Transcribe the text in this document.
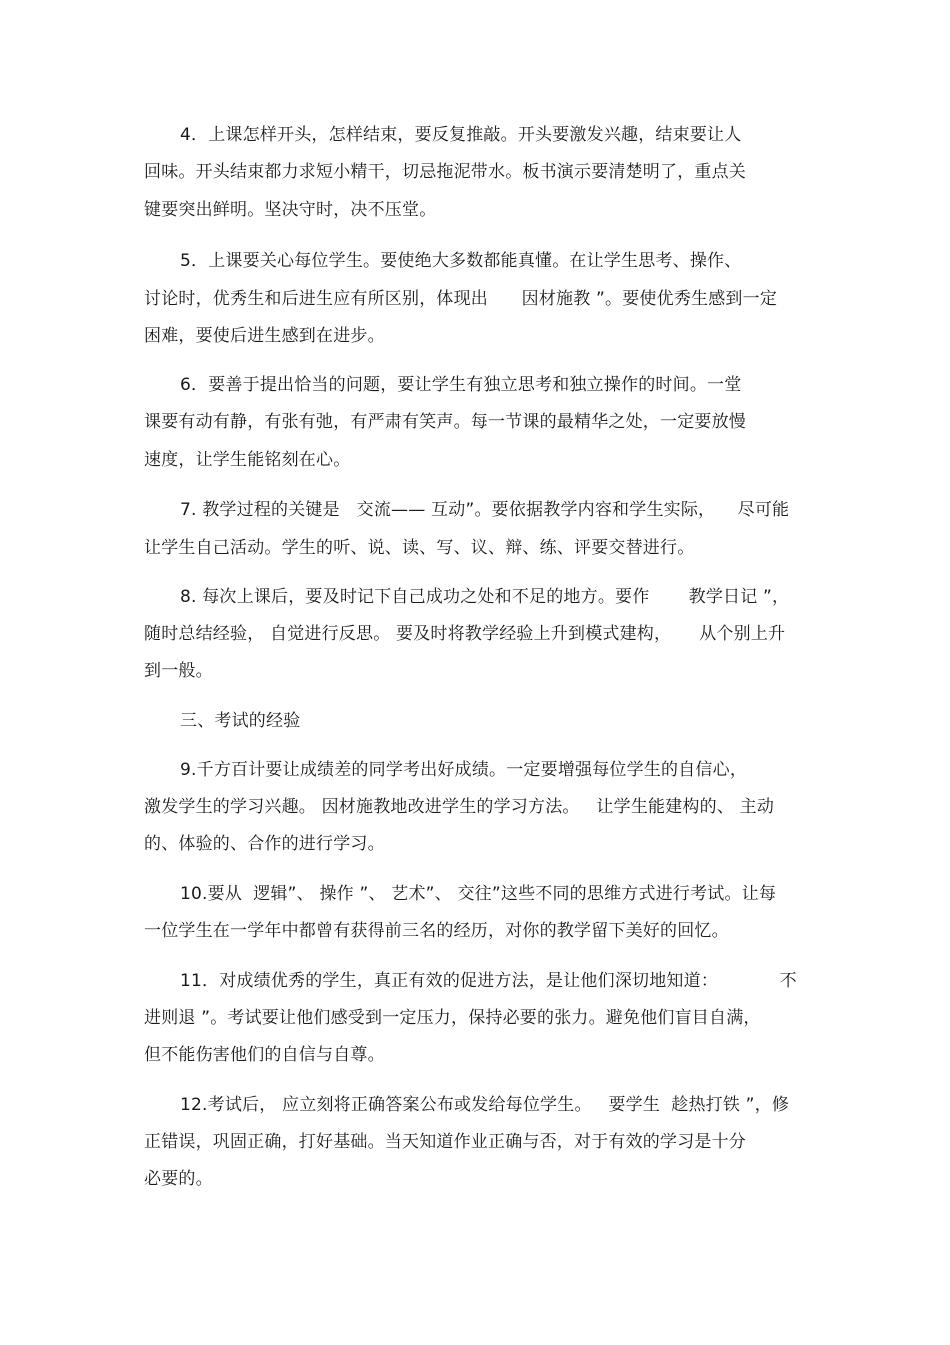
4．上课怎样开头，怎样结束，要反复推敲。开头要激发兴趣，结束要让人
回味。开头结束都力求短小精干，切忌拖泥带水。板书演示要清楚明了，重点关
键要突出鲜明。坚决守时，决不压堂。
5．上课要关心每位学生。要使绝大多数都能真懂。在让学生思考、操作、
讨论时，优秀生和后进生应有所区别，体现出      因材施教 ”。要使优秀生感到一定
困难，要使后进生感到在进步。
6．要善于提出恰当的问题，要让学生有独立思考和独立操作的时间。一堂
课要有动有静，有张有弛，有严肃有笑声。每一节课的最精华之处，一定要放慢
速度，让学生能铭刻在心。
7. 教学过程的关键是   交流—— 互动”。要依据教学内容和学生实际，    尽可能
让学生自己活动。学生的听、说、读、写、议、辩、练、评要交替进行。
8. 每次上课后，要及时记下自己成功之处和不足的地方。要作       教学日记 ”，
随时总结经验， 自觉进行反思。 要及时将教学经验上升到模式建构，     从个别上升
到一般。
三、考试的经验
9.千方百计要让成绩差的同学考出好成绩。一定要增强每位学生的自信心，
激发学生的学习兴趣。 因材施教地改进学生的学习方法。   让学生能建构的、 主动
的、体验的、合作的进行学习。
10.要从  逻辑”、 操作 ”、 艺术”、 交往”这些不同的思维方式进行考试。让每
一位学生在一学年中都曾有获得前三名的经历，对你的教学留下美好的回忆。
11．对成绩优秀的学生，真正有效的促进方法，是让他们深切地知道：           不
进则退 ”。考试要让他们感受到一定压力，保持必要的张力。避免他们盲目自满，
但不能伤害他们的自信与自尊。
12.考试后， 应立刻将正确答案公布或发给每位学生。   要学生  趁热打铁 ”，修
正错误，巩固正确，打好基础。当天知道作业正确与否，对于有效的学习是十分
必要的。
